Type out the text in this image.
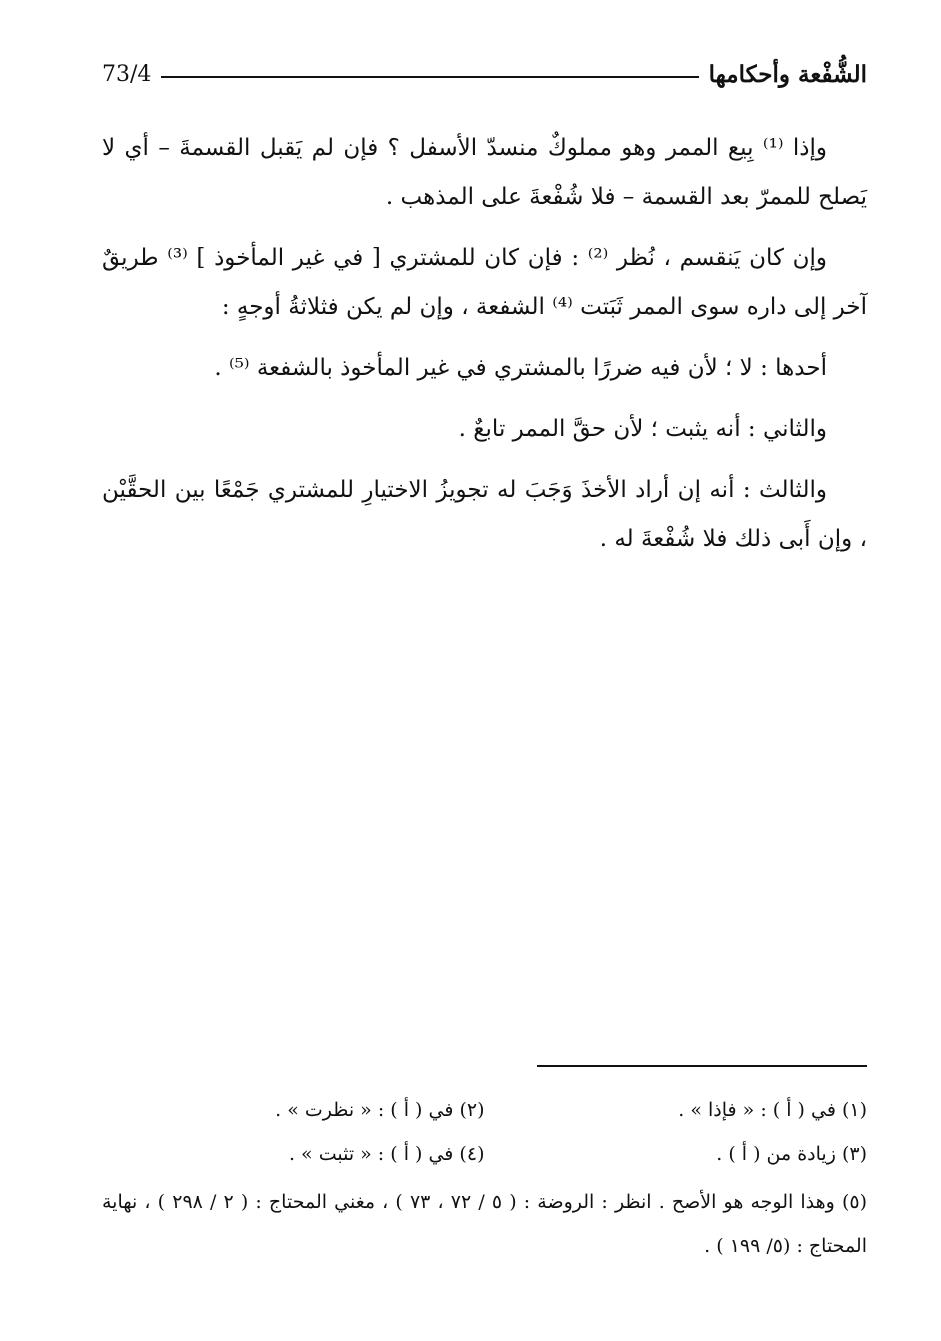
الشُّفْعة وأحكامها
73/4

وإذا ⁽¹⁾ بِيع الممر وهو مملوكٌ منسدّ الأسفل ؟ فإن لم يَقبل القسمةَ – أي لا يَصلح للممرّ بعد القسمة – فلا شُفْعةَ على المذهب .

وإن كان يَنقسم ، نُظر ⁽²⁾ : فإن كان للمشتري [ في غير المأخوذ ] ⁽³⁾ طريقٌ آخر إلى داره سوى الممر ثَبَتت ⁽⁴⁾ الشفعة ، وإن لم يكن فثلاثةُ أوجهٍ :

أحدها : لا ؛ لأن فيه ضررًا بالمشتري في غير المأخوذ بالشفعة ⁽⁵⁾ .

والثاني : أنه يثبت ؛ لأن حقَّ الممر تابعٌ .

والثالث : أنه إن أراد الأخذَ وَجَبَ له تجويزُ الاختيارِ للمشتري جَمْعًا بين الحقَّيْن ، وإن أَبى ذلك فلا شُفْعةَ له .

(١) في ( أ ) : « فإذا » .
(٢) في ( أ ) : « نظرت » .
(٣) زيادة من ( أ ) .
(٤) في ( أ ) : « تثبت » .
(٥) وهذا الوجه هو الأصح . انظر : الروضة : ( ٥ / ٧٢ ، ٧٣ ) ، مغني المحتاج : ( ٢ / ٢٩٨ ) ، نهاية المحتاج : (٥/ ١٩٩ ) .
